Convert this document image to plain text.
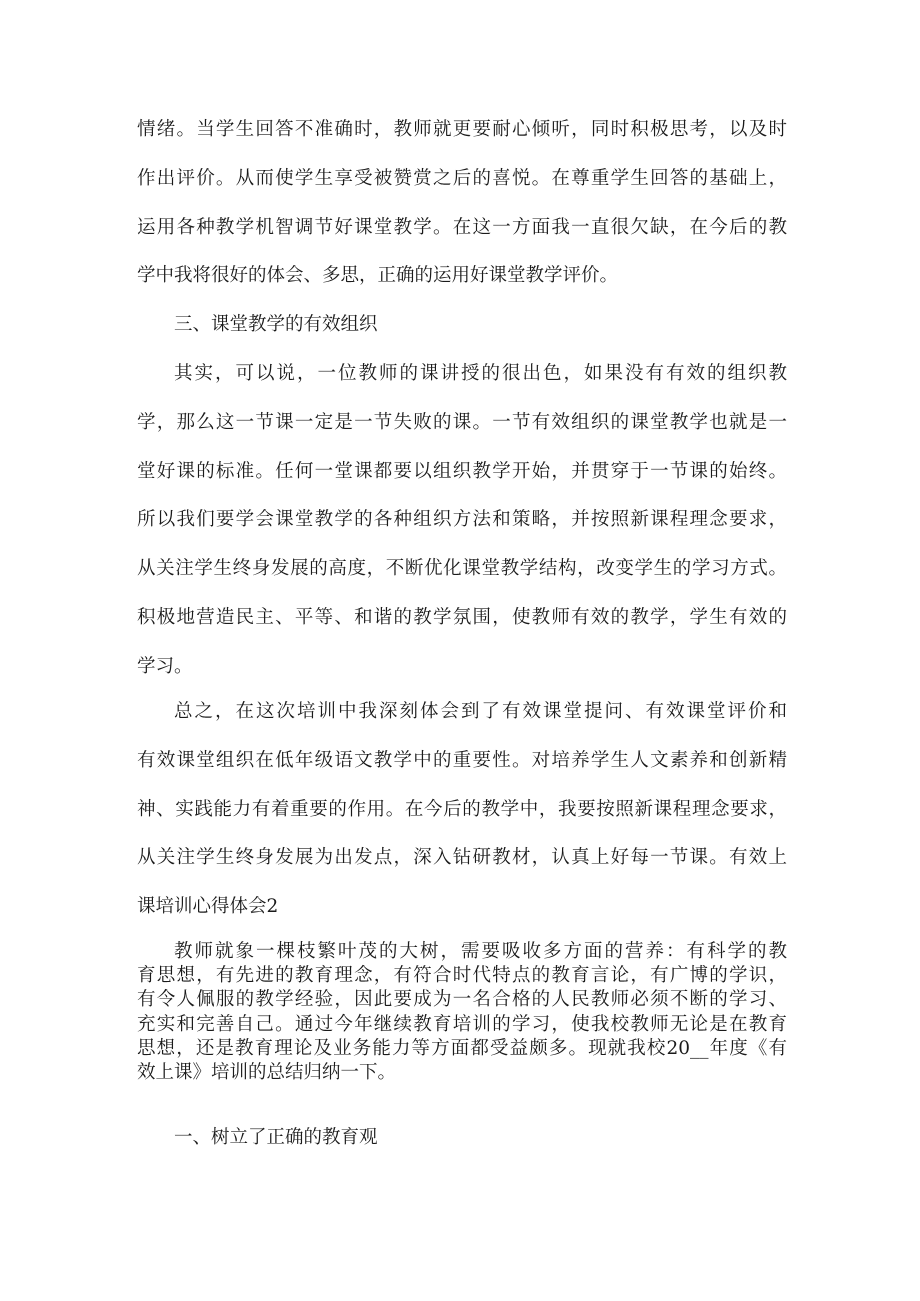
情绪。当学生回答不准确时，教师就更要耐心倾听，同时积极思考，以及时
作出评价。从而使学生享受被赞赏之后的喜悦。在尊重学生回答的基础上，
运用各种教学机智调节好课堂教学。在这一方面我一直很欠缺，在今后的教
学中我将很好的体会、多思，正确的运用好课堂教学评价。
三、课堂教学的有效组织
其实，可以说，一位教师的课讲授的很出色，如果没有有效的组织教
学，那么这一节课一定是一节失败的课。一节有效组织的课堂教学也就是一
堂好课的标准。任何一堂课都要以组织教学开始，并贯穿于一节课的始终。
所以我们要学会课堂教学的各种组织方法和策略，并按照新课程理念要求，
从关注学生终身发展的高度，不断优化课堂教学结构，改变学生的学习方式。
积极地营造民主、平等、和谐的教学氛围，使教师有效的教学，学生有效的
学习。
总之，在这次培训中我深刻体会到了有效课堂提问、有效课堂评价和
有效课堂组织在低年级语文教学中的重要性。对培养学生人文素养和创新精
神、实践能力有着重要的作用。在今后的教学中，我要按照新课程理念要求，
从关注学生终身发展为出发点，深入钻研教材，认真上好每一节课。有效上
课培训心得体会2
教师就象一棵枝繁叶茂的大树，需要吸收多方面的营养：有科学的教
育思想，有先进的教育理念，有符合时代特点的教育言论，有广博的学识，
有令人佩服的教学经验，因此要成为一名合格的人民教师必须不断的学习、
充实和完善自己。通过今年继续教育培训的学习，使我校教师无论是在教育
思想，还是教育理论及业务能力等方面都受益颇多。现就我校20__年度《有
效上课》培训的总结归纳一下。
一、树立了正确的教育观
